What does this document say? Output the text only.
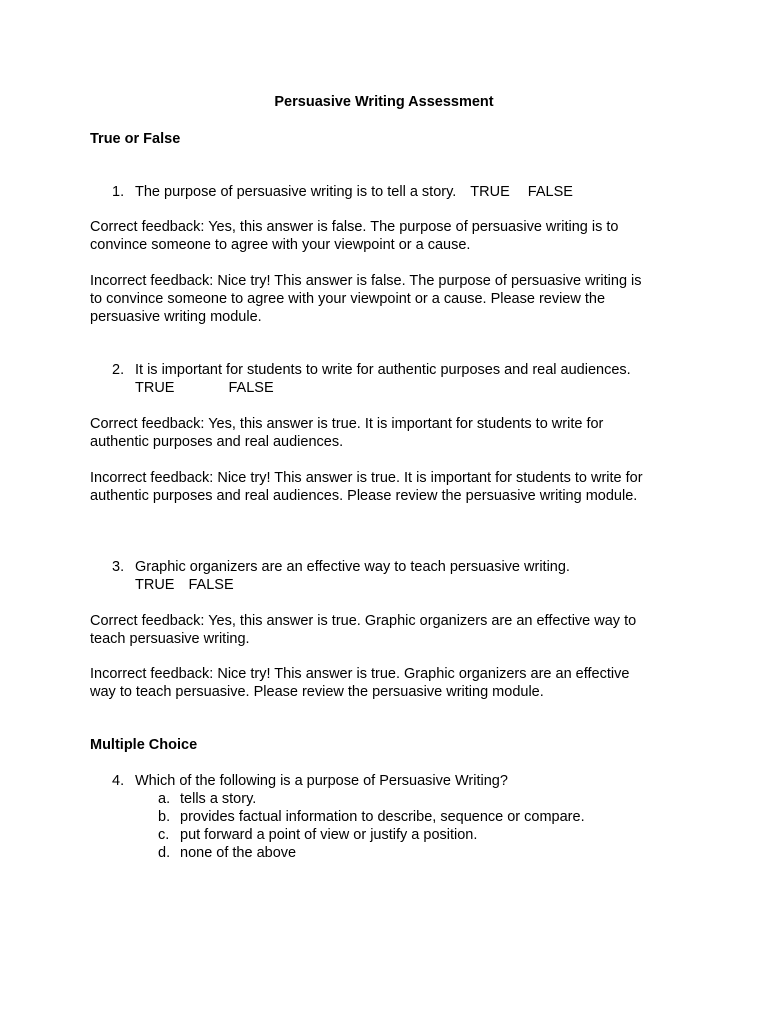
Persuasive Writing Assessment
True or False
1. The purpose of persuasive writing is to tell a story. TRUE FALSE
Correct feedback: Yes, this answer is false. The purpose of persuasive writing is to
convince someone to agree with your viewpoint or a cause.
Incorrect feedback: Nice try! This answer is false. The purpose of persuasive writing is
to convince someone to agree with your viewpoint or a cause. Please review the
persuasive writing module.
2. It is important for students to write for authentic purposes and real audiences.
TRUE	FALSE
Correct feedback: Yes, this answer is true. It is important for students to write for
authentic purposes and real audiences.
Incorrect feedback: Nice try! This answer is true. It is important for students to write for
authentic purposes and real audiences. Please review the persuasive writing module.
3. Graphic organizers are an effective way to teach persuasive writing.
TRUE FALSE
Correct feedback: Yes, this answer is true. Graphic organizers are an effective way to
teach persuasive writing.
Incorrect feedback: Nice try! This answer is true. Graphic organizers are an effective
way to teach persuasive. Please review the persuasive writing module.
Multiple Choice
4. Which of the following is a purpose of Persuasive Writing?
a. tells a story.
b. provides factual information to describe, sequence or compare.
c. put forward a point of view or justify a position.
d. none of the above
